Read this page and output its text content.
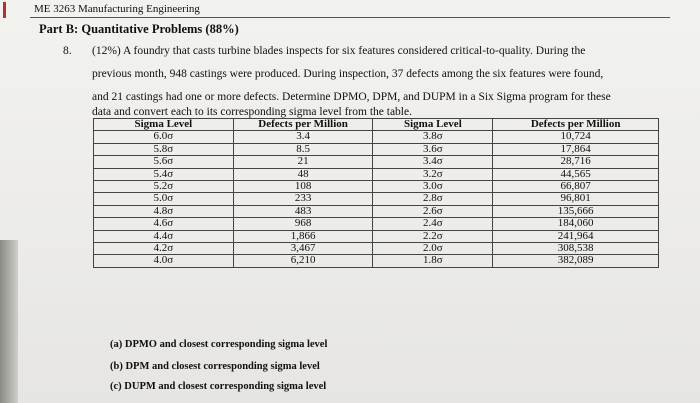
ME 3263 Manufacturing Engineering
Part B: Quantitative Problems (88%)
8. (12%) A foundry that casts turbine blades inspects for six features considered critical-to-quality. During the
previous month, 948 castings were produced. During inspection, 37 defects among the six features were found,
and 21 castings had one or more defects. Determine DPMO, DPM, and DUPM in a Six Sigma program for these
data and convert each to its corresponding sigma level from the table.
Sigma Level	Defects per Million	Sigma Level	Defects per Million
6.0σ	3.4	3.8σ	10,724
5.8σ	8.5	3.6σ	17,864
5.6σ	21	3.4σ	28,716
5.4σ	48	3.2σ	44,565
5.2σ	108	3.0σ	66,807
5.0σ	233	2.8σ	96,801
4.8σ	483	2.6σ	135,666
4.6σ	968	2.4σ	184,060
4.4σ	1,866	2.2σ	241,964
4.2σ	3,467	2.0σ	308,538
4.0σ	6,210	1.8σ	382,089
(a) DPMO and closest corresponding sigma level
(b) DPM and closest corresponding sigma level
(c) DUPM and closest corresponding sigma level
